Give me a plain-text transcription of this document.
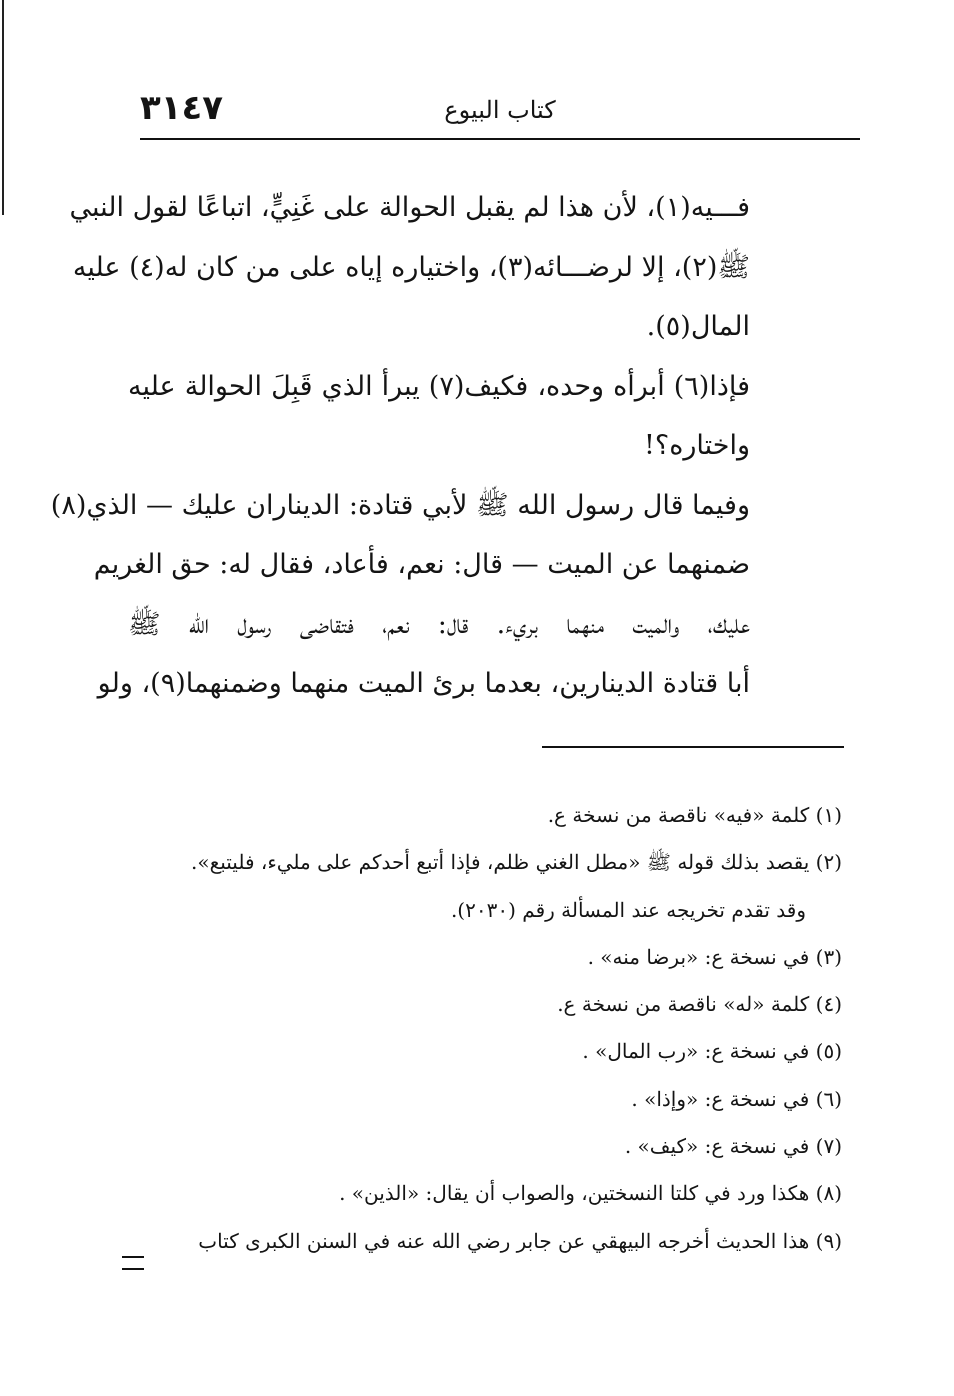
٣١٤٧	كتاب البيوع
فـــيه(١)، لأن هذا لم يقبل الحوالة على غَنِيٍّ، اتباعًا لقول النبي
ﷺ(٢)، إلا لرضـــائه(٣)، واختياره إياه على من كان له(٤) عليه
المال(٥).
فإذا(٦) أبرأه وحده، فكيف(٧) يبرأ الذي قَبِلَ الحوالة عليه
واختاره؟!
وفيما قال رسول الله ﷺ لأبي قتادة: الديناران عليك — الذي(٨)
ضمنهما عن الميت — قال: نعم، فأعاد، فقال له: حق الغريم
عليك، والميت منهما بريء. قال: نعم، فتقاضى رسول الله ﷺ
أبا قتادة الدينارين، بعدما برئ الميت منهما وضمنهما(٩)، ولو
(١) كلمة «فيه» ناقصة من نسخة ع.
(٢) يقصد بذلك قوله ﷺ «مطل الغني ظلم، فإذا أتبع أحدكم على مليء، فليتبع».
وقد تقدم تخريجه عند المسألة رقم (٢٠٣٠).
(٣) في نسخة ع: «برضا منه» .
(٤) كلمة «له» ناقصة من نسخة ع.
(٥) في نسخة ع: «رب المال» .
(٦) في نسخة ع: «وإذا» .
(٧) في نسخة ع: «كيف» .
(٨) هكذا ورد في كلتا النسختين، والصواب أن يقال: «الذين» .
(٩) هذا الحديث أخرجه البيهقي عن جابر رضي الله عنه في السنن الكبرى كتاب
